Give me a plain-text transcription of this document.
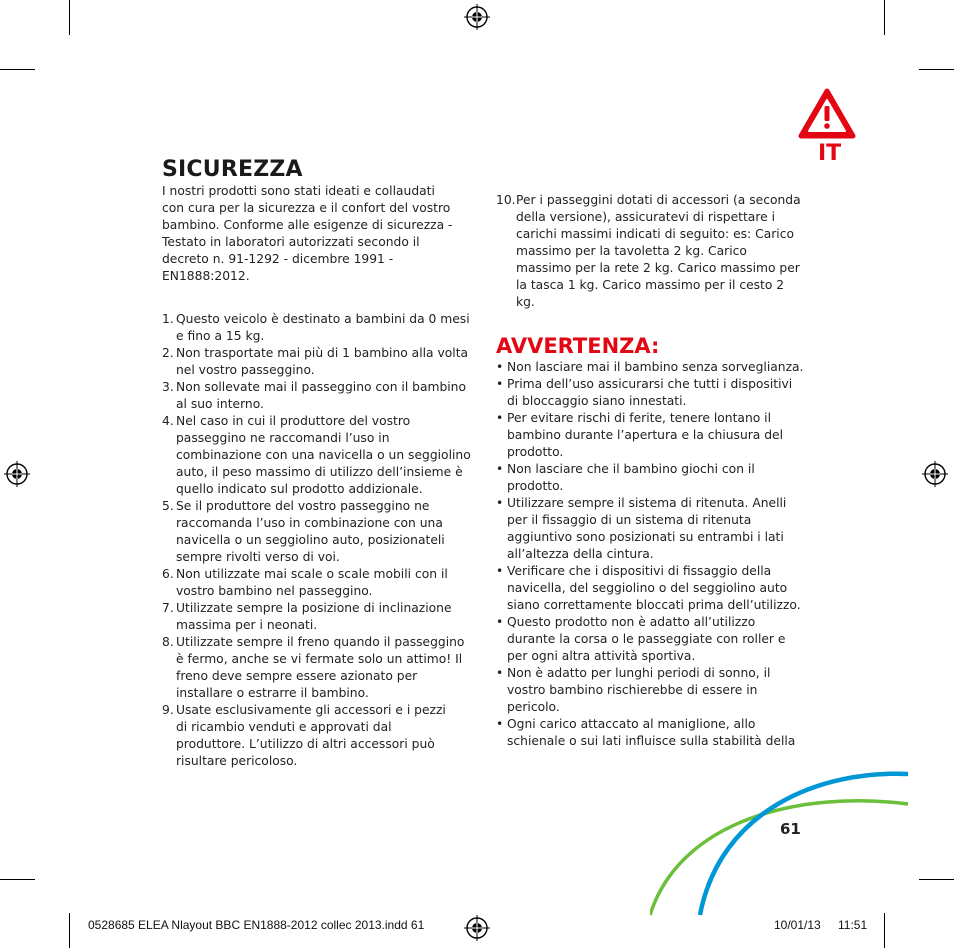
IT
61
SICUREZZA

I nostri prodotti sono stati ideati e collaudati con cura per la sicurezza e il confort del vostro bambino. Conforme alle esigenze di sicurezza - Testato in laboratori autorizzati secondo il decreto n. 91-1292 - dicembre 1991 - EN1888:2012.

1. Questo veicolo è destinato a bambini da 0 mesi e fino a 15 kg.

2. Non trasportate mai più di 1 bambino alla volta nel vostro passeggino.

3. Non sollevate mai il passeggino con il bambino al suo interno.

4. Nel caso in cui il produttore del vostro passeggino ne raccomandi l’uso in combinazione con una navicella o un seggiolino auto, il peso massimo di utilizzo dell’insieme è quello indicato sul prodotto addizionale.

5. Se il produttore del vostro passeggino ne raccomanda l’uso in combinazione con una navicella o un seggiolino auto, posizionateli sempre rivolti verso di voi.

6. Non utilizzate mai scale o scale mobili con il vostro bambino nel passeggino.

7. Utilizzate sempre la posizione di inclinazione massima per i neonati.

8. Utilizzate sempre il freno quando il passeggino è fermo, anche se vi fermate solo un attimo! Il freno deve sempre essere azionato per installare o estrarre il bambino.

9. Usate esclusivamente gli accessori e i pezzi di ricambio venduti e approvati dal produttore. L’utilizzo di altri accessori può risultare pericoloso.

10. Per i passeggini dotati di accessori (a seconda della versione), assicuratevi di rispettare i carichi massimi indicati di seguito: es: Carico massimo per la tavoletta 2 kg. Carico massimo per la rete 2 kg. Carico massimo per la tasca 1 kg. Carico massimo per il cesto 2 kg.

AVVERTENZA:

• Non lasciare mai il bambino senza sorveglianza.

• Prima dell’uso assicurarsi che tutti i dispositivi di bloccaggio siano innestati.

• Per evitare rischi di ferite, tenere lontano il bambino durante l’apertura e la chiusura del prodotto.

• Non lasciare che il bambino giochi con il prodotto.

• Utilizzare sempre il sistema di ritenuta. Anelli per il fissaggio di un sistema di ritenuta aggiuntivo sono posizionati su entrambi i lati all’altezza della cintura.

• Verificare che i dispositivi di fissaggio della navicella, del seggiolino o del seggiolino auto siano correttamente bloccati prima dell’utilizzo.

• Questo prodotto non è adatto all’utilizzo durante la corsa o le passeggiate con roller e per ogni altra attività sportiva.

• Non è adatto per lunghi periodi di sonno, il vostro bambino rischierebbe di essere in pericolo.

• Ogni carico attaccato al maniglione, allo schienale o sui lati influisce sulla stabilità della

0528685 ELEA Nlayout BBC EN1888-2012 collec 2013.indd 61	10/01/13 11:51
